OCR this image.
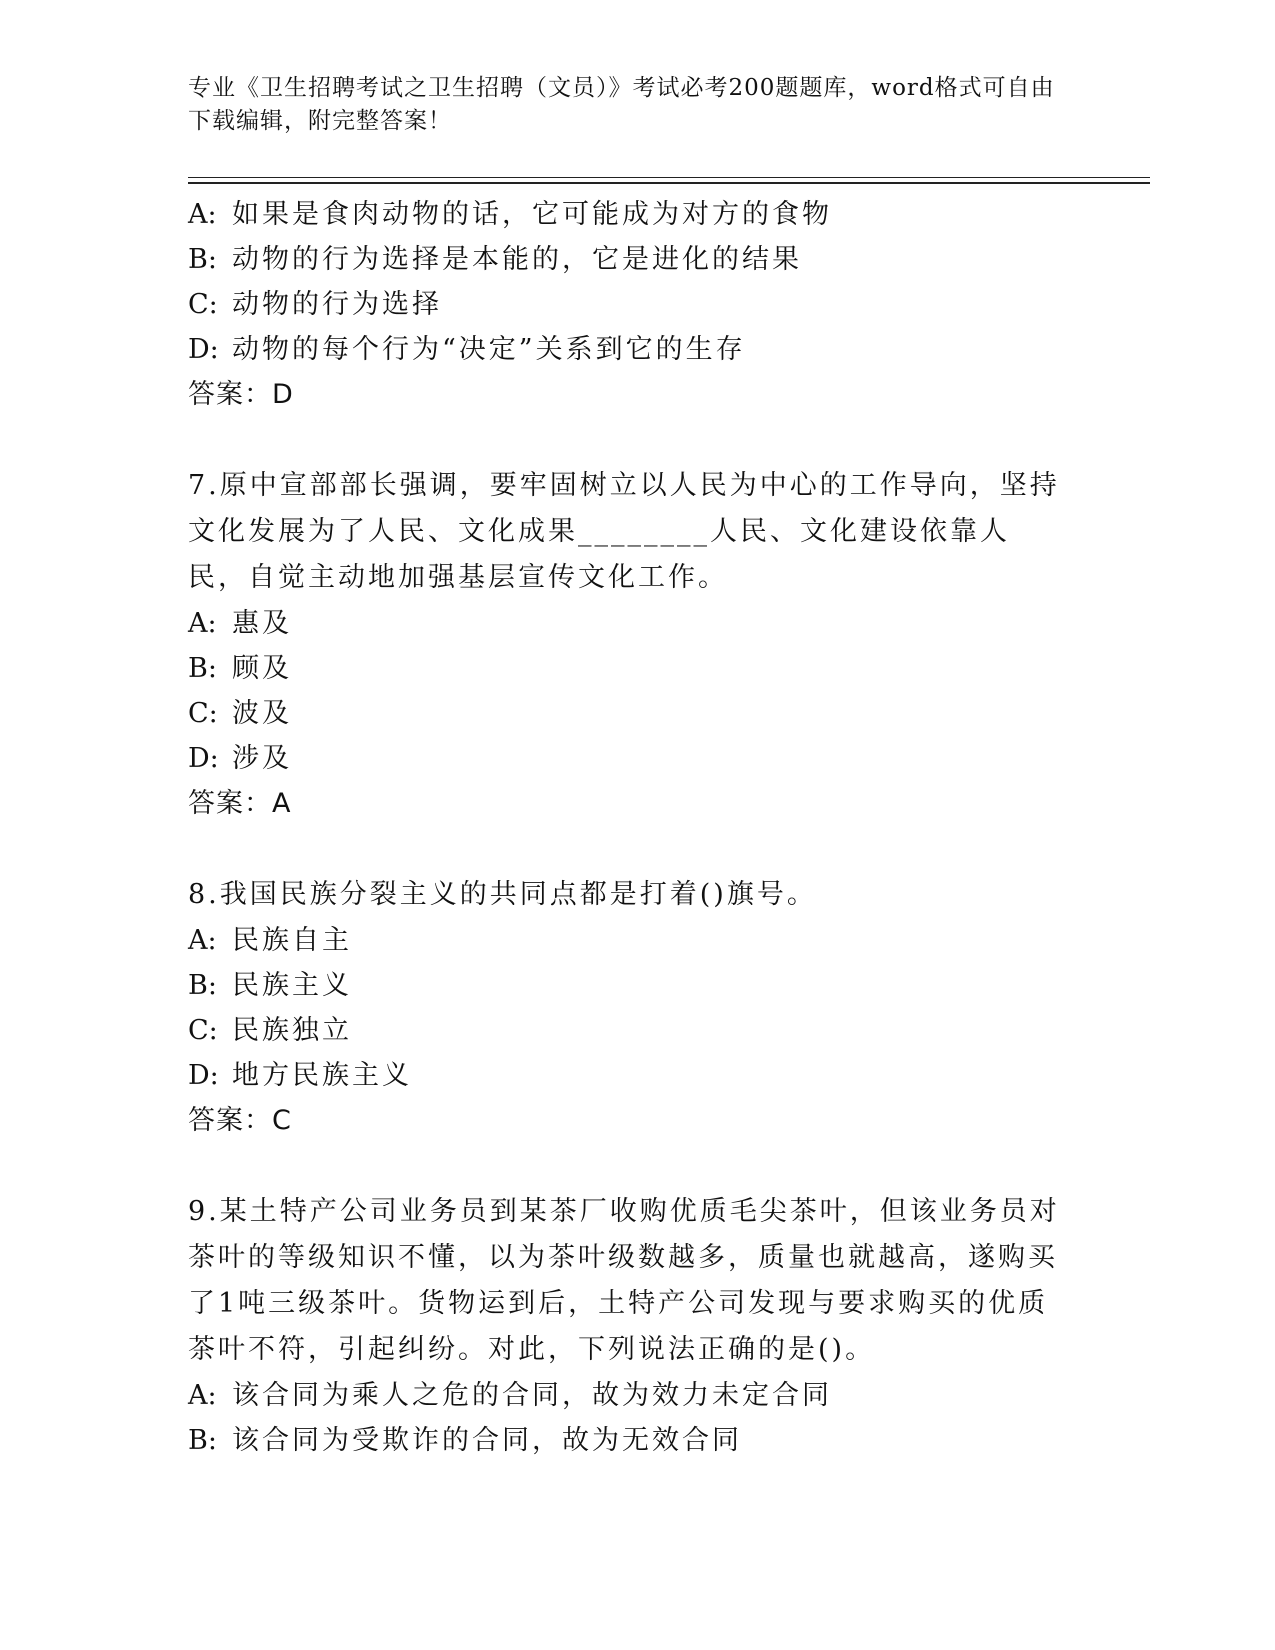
专业《卫生招聘考试之卫生招聘（文员）》考试必考200题题库，word格式可自由下载编辑，附完整答案！
A: 如果是食肉动物的话，它可能成为对方的食物
B: 动物的行为选择是本能的，它是进化的结果
C: 动物的行为选择
D: 动物的每个行为“决定”关系到它的生存
答案：D
7.原中宣部部长强调，要牢固树立以人民为中心的工作导向，坚持文化发展为了人民、文化成果________人民、文化建设依靠人民，自觉主动地加强基层宣传文化工作。
A: 惠及
B: 顾及
C: 波及
D: 涉及
答案：A
8.我国民族分裂主义的共同点都是打着()旗号。
A: 民族自主
B: 民族主义
C: 民族独立
D: 地方民族主义
答案：C
9.某土特产公司业务员到某茶厂收购优质毛尖茶叶，但该业务员对茶叶的等级知识不懂，以为茶叶级数越多，质量也就越高，遂购买了1吨三级茶叶。货物运到后，土特产公司发现与要求购买的优质茶叶不符，引起纠纷。对此，下列说法正确的是()。
A: 该合同为乘人之危的合同，故为效力未定合同
B: 该合同为受欺诈的合同，故为无效合同
